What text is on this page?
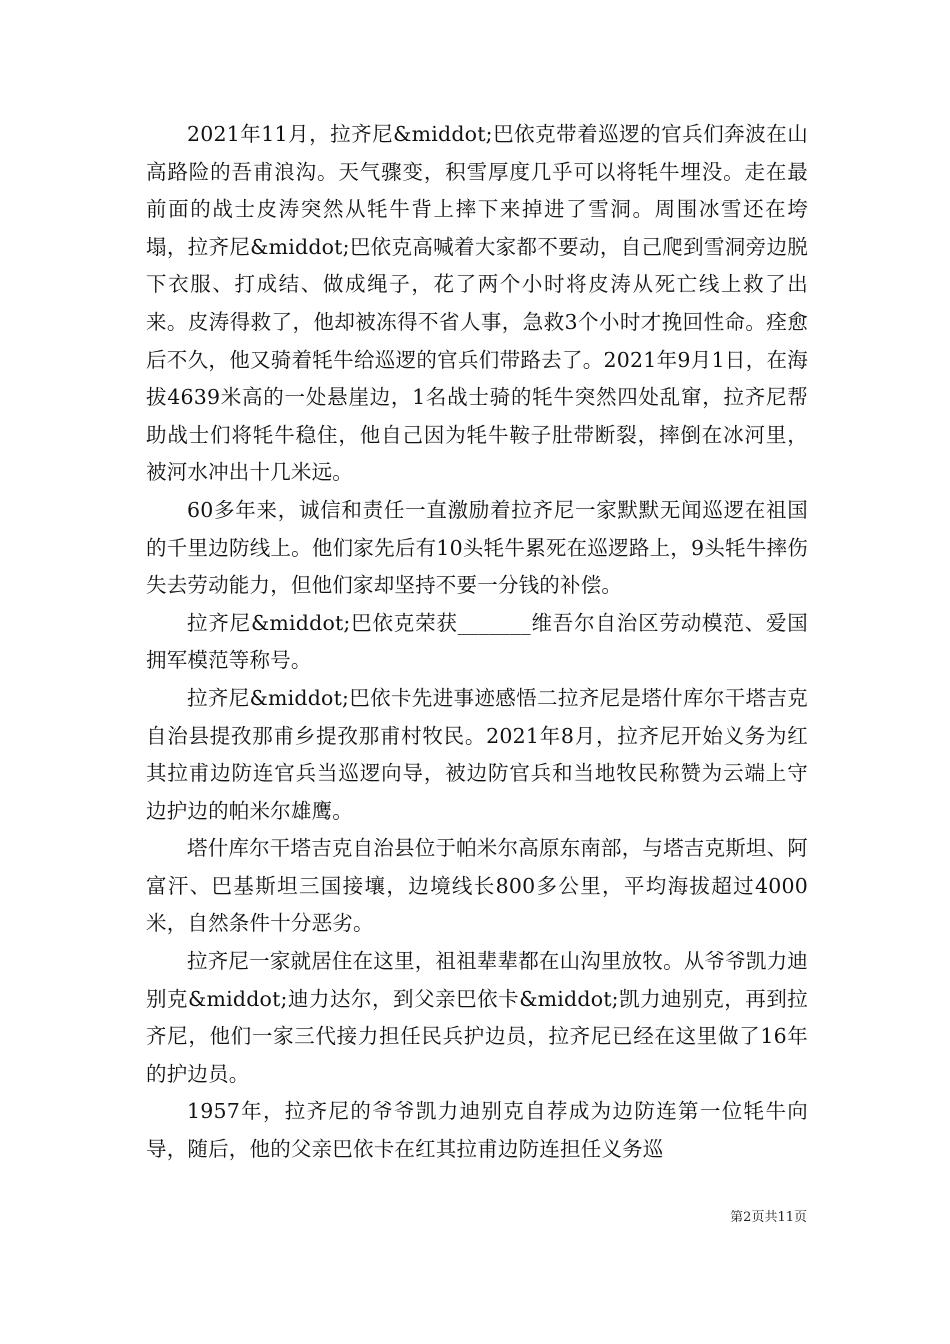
2021年11月，拉齐尼&middot;巴依克带着巡逻的官兵们奔波在山高路险的吾甫浪沟。天气骤变，积雪厚度几乎可以将牦牛埋没。走在最前面的战士皮涛突然从牦牛背上摔下来掉进了雪洞。周围冰雪还在垮塌，拉齐尼&middot;巴依克高喊着大家都不要动，自己爬到雪洞旁边脱下衣服、打成结、做成绳子，花了两个小时将皮涛从死亡线上救了出来。皮涛得救了，他却被冻得不省人事，急救3个小时才挽回性命。痊愈后不久，他又骑着牦牛给巡逻的官兵们带路去了。2021年9月1日，在海拔4639米高的一处悬崖边，1名战士骑的牦牛突然四处乱窜，拉齐尼帮助战士们将牦牛稳住，他自己因为牦牛鞍子肚带断裂，摔倒在冰河里，被河水冲出十几米远。

60多年来，诚信和责任一直激励着拉齐尼一家默默无闻巡逻在祖国的千里边防线上。他们家先后有10头牦牛累死在巡逻路上，9头牦牛摔伤失去劳动能力，但他们家却坚持不要一分钱的补偿。

拉齐尼&middot;巴依克荣获_______维吾尔自治区劳动模范、爱国拥军模范等称号。

拉齐尼&middot;巴依卡先进事迹感悟二拉齐尼是塔什库尔干塔吉克自治县提孜那甫乡提孜那甫村牧民。2021年8月，拉齐尼开始义务为红其拉甫边防连官兵当巡逻向导，被边防官兵和当地牧民称赞为云端上守边护边的帕米尔雄鹰。

塔什库尔干塔吉克自治县位于帕米尔高原东南部，与塔吉克斯坦、阿富汗、巴基斯坦三国接壤，边境线长800多公里，平均海拔超过4000米，自然条件十分恶劣。

拉齐尼一家就居住在这里，祖祖辈辈都在山沟里放牧。从爷爷凯力迪别克&middot;迪力达尔，到父亲巴依卡&middot;凯力迪别克，再到拉齐尼，他们一家三代接力担任民兵护边员，拉齐尼已经在这里做了16年的护边员。

1957年，拉齐尼的爷爷凯力迪别克自荐成为边防连第一位牦牛向导，随后，他的父亲巴依卡在红其拉甫边防连担任义务巡

第2页共11页
